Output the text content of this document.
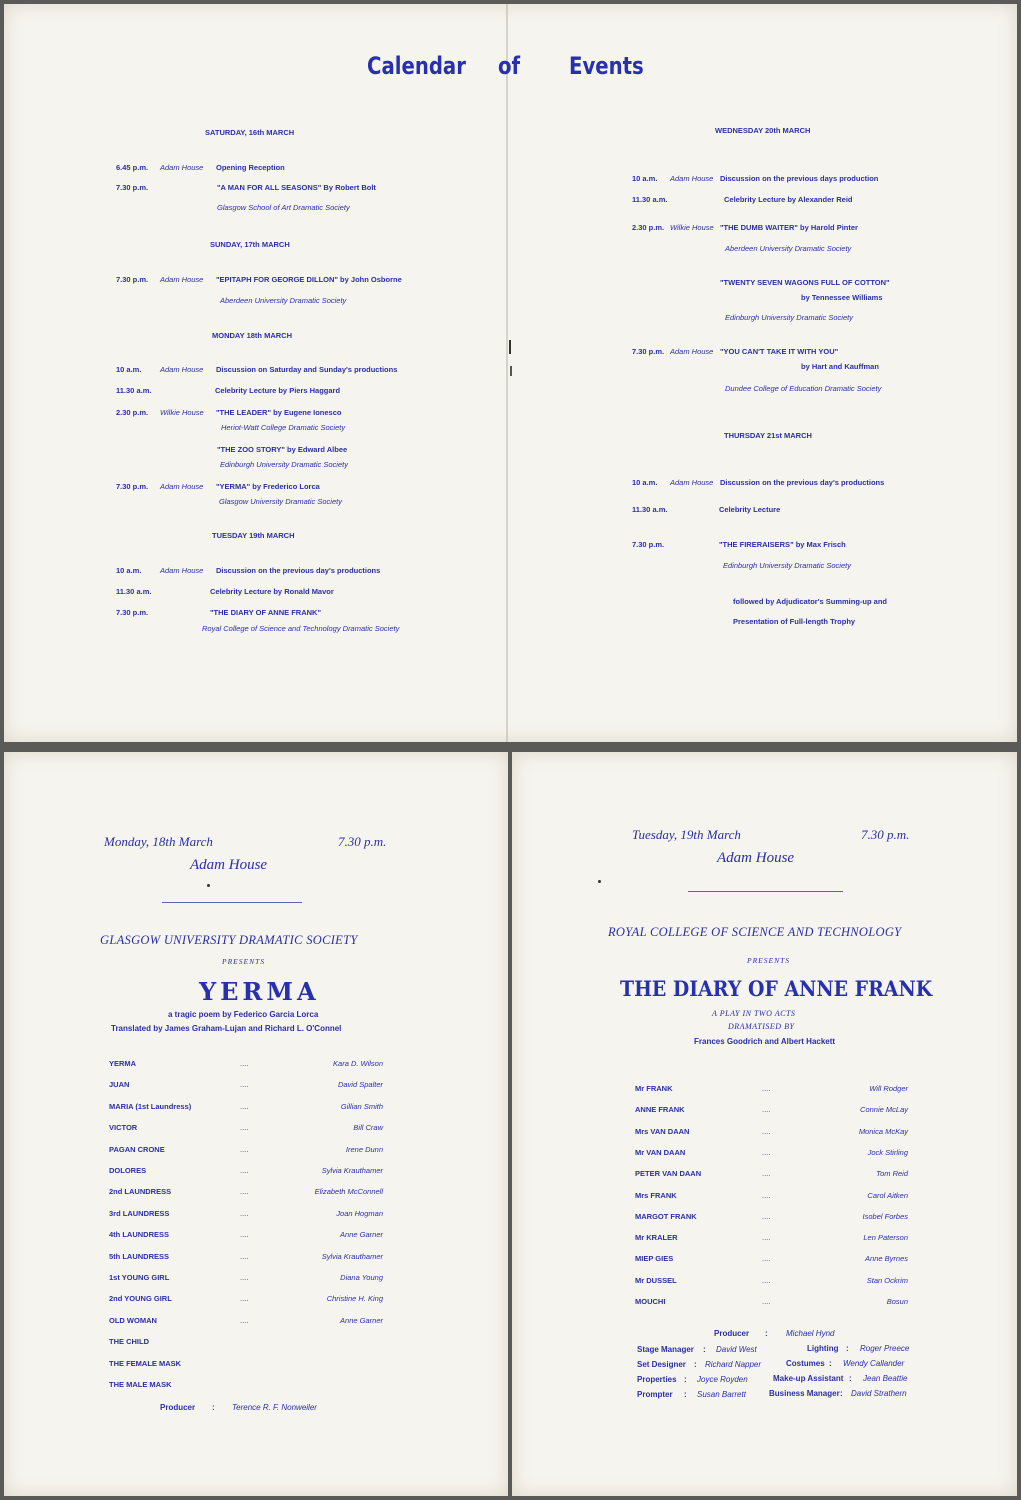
Calendar of Events
SATURDAY, 16th MARCH
6.45 p.m. Adam House Opening Reception
7.30 p.m.	"A MAN FOR ALL SEASONS" By Robert Bolt
Glasgow School of Art Dramatic Society
SUNDAY, 17th MARCH
7.30 p.m. Adam House "EPITAPH FOR GEORGE DILLON" by John Osborne
Aberdeen University Dramatic Society
MONDAY 18th MARCH
10 a.m. Adam House Discussion on Saturday and Sunday's productions
11.30 a.m.	Celebrity Lecture by Piers Haggard
2.30 p.m. Wilkie House "THE LEADER" by Eugene Ionesco
Heriot-Watt College Dramatic Society
"THE ZOO STORY" by Edward Albee
Edinburgh University Dramatic Society
7.30 p.m. Adam House "YERMA" by Frederico Lorca
Glasgow University Dramatic Society
TUESDAY 19th MARCH
10 a.m. Adam House Discussion on the previous day's productions
11.30 a.m.	Celebrity Lecture by Ronald Mavor
7.30 p.m.	"THE DIARY OF ANNE FRANK"
Royal College of Science and Technology Dramatic Society
WEDNESDAY 20th MARCH
10 a.m. Adam House Discussion on the previous days production
11.30 a.m.	Celebrity Lecture by Alexander Reid
2.30 p.m. Wilkie House "THE DUMB WAITER" by Harold Pinter
Aberdeen University Dramatic Society
"TWENTY SEVEN WAGONS FULL OF COTTON"
by Tennessee Williams
Edinburgh University Dramatic Society
7.30 p.m. Adam House "YOU CAN'T TAKE IT WITH YOU"
by Hart and Kauffman
Dundee College of Education Dramatic Society
THURSDAY 21st MARCH
10 a.m. Adam House Discussion on the previous day's productions
11.30 a.m.	Celebrity Lecture
7.30 p.m.	"THE FIRERAISERS" by Max Frisch
Edinburgh University Dramatic Society
followed by Adjudicator's Summing-up and
Presentation of Full-length Trophy
Monday, 18th March	7.30 p.m.
Adam House
GLASGOW UNIVERSITY DRAMATIC SOCIETY
PRESENTS
YERMA
a tragic poem by Federico Garcia Lorca
Translated by James Graham-Lujan and Richard L. O'Connel
YERMA	....	Kara D. Wilson
JUAN	....	David Spalter
MARIA (1st Laundress)	....	Gillian Smith
VICTOR	....	Bill Craw
PAGAN CRONE	....	Irene Dunn
DOLORES	....	Sylvia Krauthamer
2nd LAUNDRESS	....	Elizabeth McConnell
3rd LAUNDRESS	....	Joan Hogman
4th LAUNDRESS	....	Anne Garner
5th LAUNDRESS	....	Sylvia Krauthamer
1st YOUNG GIRL	....	Diana Young
2nd YOUNG GIRL	....	Christine H. King
OLD WOMAN	....	Anne Garner
THE CHILD
THE FEMALE MASK
THE MALE MASK
Producer : Terence R. F. Nonweiler
Tuesday, 19th March	7.30 p.m.
Adam House
ROYAL COLLEGE OF SCIENCE AND TECHNOLOGY
PRESENTS
THE DIARY OF ANNE FRANK
A PLAY IN TWO ACTS
DRAMATISED BY
Frances Goodrich and Albert Hackett
Mr FRANK	....	Will Rodger
ANNE FRANK	....	Connie McLay
Mrs VAN DAAN	....	Monica McKay
Mr VAN DAAN	....	Jock Stirling
PETER VAN DAAN	....	Tom Reid
Mrs FRANK	....	Carol Aitken
MARGOT FRANK	....	Isobel Forbes
Mr KRALER	....	Len Paterson
MIEP GIES	....	Anne Byrnes
Mr DUSSEL	....	Stan Ockrim
MOUCHI	....	Bosun
Producer : Michael Hynd
Stage Manager : David West	Lighting : Roger Preece
Set Designer : Richard Napper	Costumes : Wendy Callander
Properties : Joyce Royden	Make-up Assistant : Jean Beattie
Prompter : Susan Barrett	Business Manager : David Strathern
